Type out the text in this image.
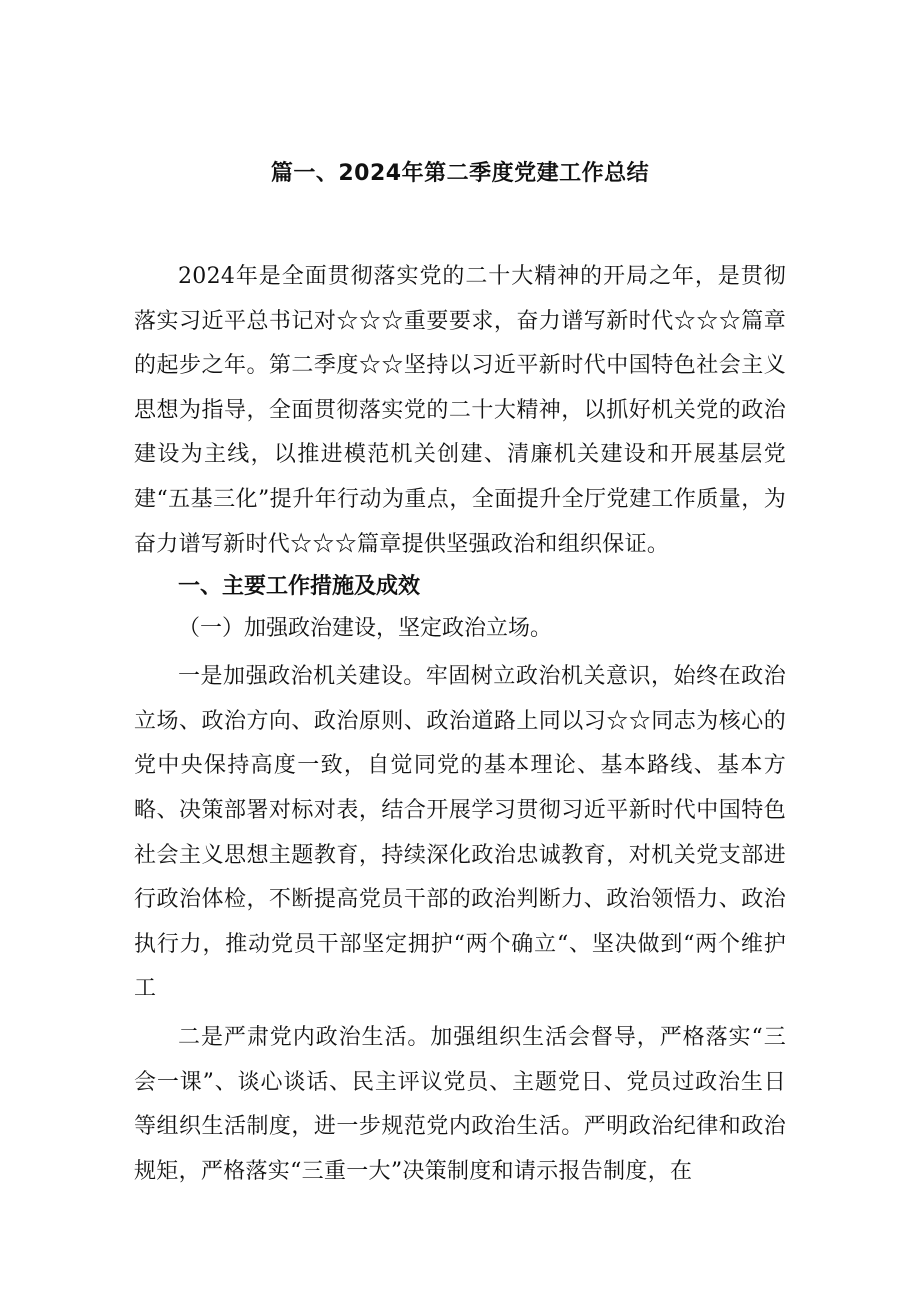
篇一、2024年第二季度党建工作总结

2024年是全面贯彻落实党的二十大精神的开局之年，是贯彻落实习近平总书记对☆☆☆重要要求，奋力谱写新时代☆☆☆篇章的起步之年。第二季度☆☆坚持以习近平新时代中国特色社会主义思想为指导，全面贯彻落实党的二十大精神，以抓好机关党的政治建设为主线，以推进模范机关创建、清廉机关建设和开展基层党建“五基三化”提升年行动为重点，全面提升全厅党建工作质量，为奋力谱写新时代☆☆☆篇章提供坚强政治和组织保证。

一、主要工作措施及成效

（一）加强政治建设，坚定政治立场。

一是加强政治机关建设。牢固树立政治机关意识，始终在政治立场、政治方向、政治原则、政治道路上同以习☆☆同志为核心的党中央保持高度一致，自觉同党的基本理论、基本路线、基本方略、决策部署对标对表，结合开展学习贯彻习近平新时代中国特色社会主义思想主题教育，持续深化政治忠诚教育，对机关党支部进行政治体检，不断提高党员干部的政治判断力、政治领悟力、政治执行力，推动党员干部坚定拥护“两个确立“、坚决做到“两个维护工

二是严肃党内政治生活。加强组织生活会督导，严格落实“三会一课”、谈心谈话、民主评议党员、主题党日、党员过政治生日等组织生活制度，进一步规范党内政治生活。严明政治纪律和政治规矩，严格落实“三重一大”决策制度和请示报告制度，在
